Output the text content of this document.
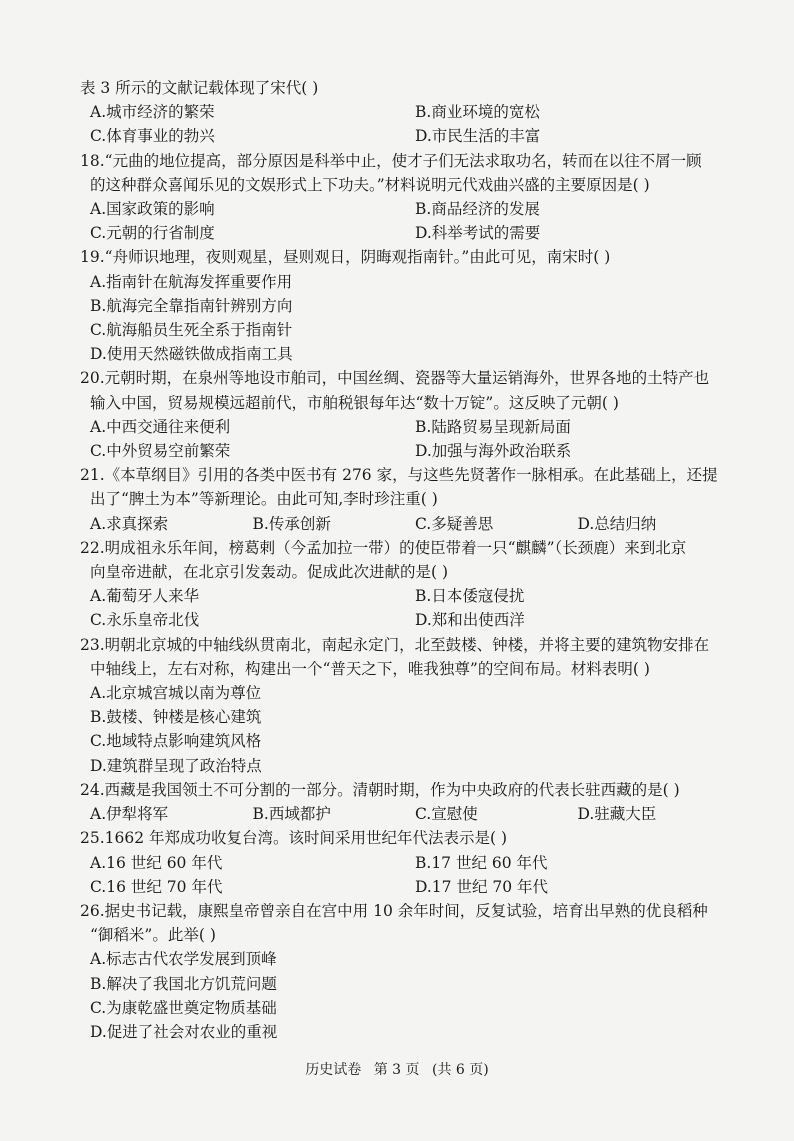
表 3 所示的文献记载体现了宋代( )
A.城市经济的繁荣	B.商业环境的宽松
C.体育事业的勃兴	D.市民生活的丰富
18.“元曲的地位提高，部分原因是科举中止，使才子们无法求取功名，转而在以往不屑一顾
的这种群众喜闻乐见的文娱形式上下功夫。”材料说明元代戏曲兴盛的主要原因是( )
A.国家政策的影响	B.商品经济的发展
C.元朝的行省制度	D.科举考试的需要
19.“舟师识地理，夜则观星，昼则观日，阴晦观指南针。”由此可见，南宋时( )
A.指南针在航海发挥重要作用
B.航海完全靠指南针辨别方向
C.航海船员生死全系于指南针
D.使用天然磁铁做成指南工具
20.元朝时期，在泉州等地设市舶司，中国丝绸、瓷器等大量运销海外，世界各地的土特产也
输入中国，贸易规模远超前代，市舶税银每年达“数十万锭”。这反映了元朝( )
A.中西交通往来便利	B.陆路贸易呈现新局面
C.中外贸易空前繁荣	D.加强与海外政治联系
21.《本草纲目》引用的各类中医书有 276 家，与这些先贤著作一脉相承。在此基础上，还提
出了“脾土为本”等新理论。由此可知,李时珍注重( )
A.求真探索	B.传承创新	C.多疑善思	D.总结归纳
22.明成祖永乐年间，榜葛剌（今孟加拉一带）的使臣带着一只“麒麟”（长颈鹿）来到北京
向皇帝进献，在北京引发轰动。促成此次进献的是( )
A.葡萄牙人来华	B.日本倭寇侵扰
C.永乐皇帝北伐	D.郑和出使西洋
23.明朝北京城的中轴线纵贯南北，南起永定门，北至鼓楼、钟楼，并将主要的建筑物安排在
中轴线上，左右对称，构建出一个“普天之下，唯我独尊”的空间布局。材料表明( )
A.北京城宫城以南为尊位
B.鼓楼、钟楼是核心建筑
C.地域特点影响建筑风格
D.建筑群呈现了政治特点
24.西藏是我国领土不可分割的一部分。清朝时期，作为中央政府的代表长驻西藏的是( )
A.伊犁将军	B.西域都护	C.宣慰使	D.驻藏大臣
25.1662 年郑成功收复台湾。该时间采用世纪年代法表示是( )
A.16 世纪 60 年代	B.17 世纪 60 年代
C.16 世纪 70 年代	D.17 世纪 70 年代
26.据史书记载，康熙皇帝曾亲自在宫中用 10 余年时间，反复试验，培育出早熟的优良稻种
“御稻米”。此举( )
A.标志古代农学发展到顶峰
B.解决了我国北方饥荒问题
C.为康乾盛世奠定物质基础
D.促进了社会对农业的重视
历史试卷 第 3 页 (共 6 页)
